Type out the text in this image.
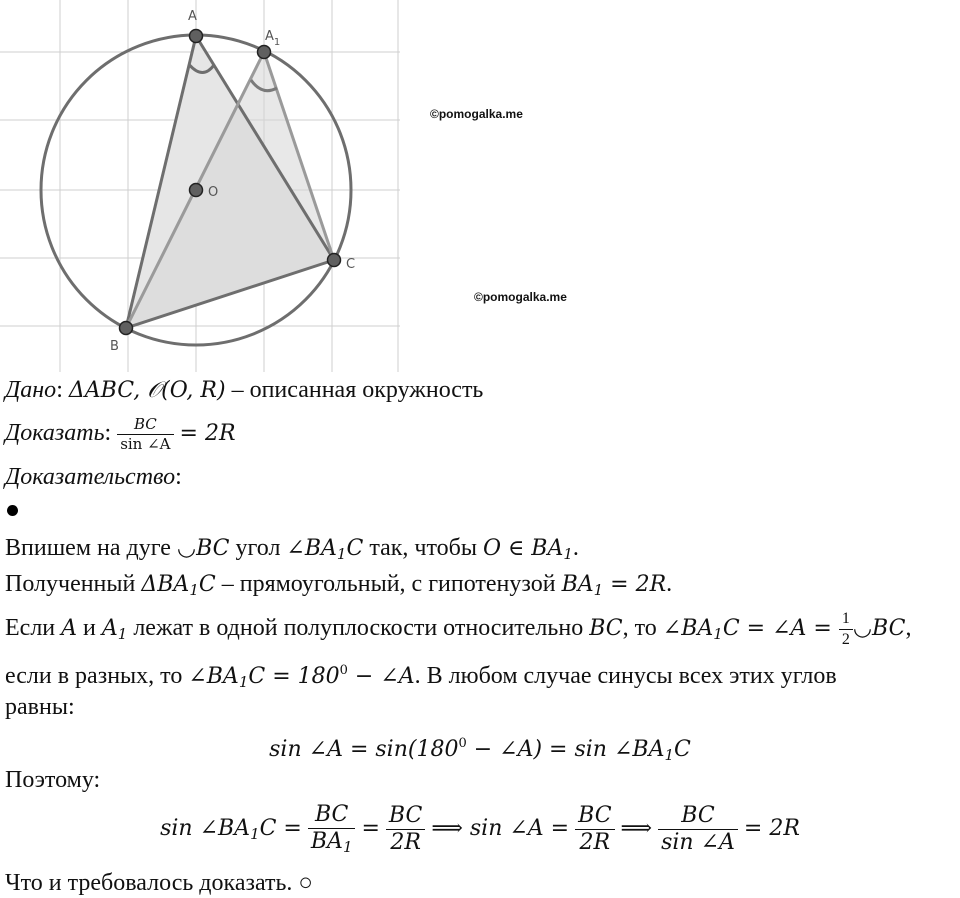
A
$A_1$
O
B
C
©pomogalka.me
©pomogalka.me
Дано: ΔABC, 𝒪(O, R) – описанная окружность
Доказать: $\frac{BC}{\sin \angle A} = 2R$
Доказательство:
Впишем на дуге ◡BC угол $\angle BA_1C$ так, чтобы O ∈ $BA_1$.
Полученный $\Delta BA_1C$ – прямоугольный, с гипотенузой $BA_1 = 2R$.
Если A и $A_1$ лежат в одной полуплоскости относительно BC, то $\angle BA_1C$ = ∠A = $\frac{1}{2}$ ◡BC,
если в разных, то $\angle BA_1C = 180^0$ − ∠A. В любом случае синусы всех этих углов
равны:
sin ∠A = $\sin(180^0$ − ∠A) = $\sin \angle BA_1C$
Поэтому:
$\sin \angle BA_1C = \frac{BC}{BA_1} = \frac{BC}{2R}$ ⟹ sin ∠A = $\frac{BC}{2R}$ ⟹ $\frac{BC}{\sin \angle A} = 2R$
Что и требовалось доказать. ○
